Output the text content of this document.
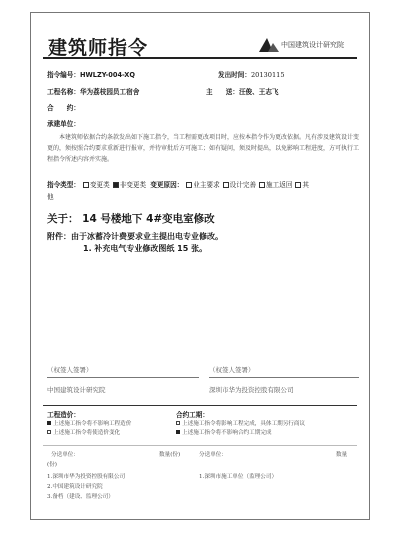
建筑师指令	中国建筑设计研究院
指令编号：HWLZY-004-XQ	发出时间：20130115
工程名称：华为荔枝园员工宿舍	主　　送：汪俊、王志飞
合　　约：
承建单位：
本建筑师依据合约条款发出如下施工指令，当工程需更改项目时，应按本指令作为更改依据。凡有涉及建筑设计变更的，须按照合约要求重新进行报审，并待审批后方可施工；如有疑问，须及时提出，以免影响工程进度，方可执行工程指令所述内容并实施。
指令类型： 变更类 非变更类 变更原因： 业主要求 设计完善 施工返回 其
他
关于： 14 号楼地下 4#变电室修改
附件：由于冰蓄冷计费要求业主提出电专业修改。
1. 补充电气专业修改图纸 15 张。
（权签人签署）
中国建筑设计研究院
（权签人签署）
深圳市华为投资控股有限公司
工程造价：
上述施工指令将不影响工程造价
上述施工指令将使造价变化
合约工期：
上述施工指令将影响工程完成，具体工期另行商议
上述施工指令将不影响合约工期完成
分送单位：	数量(份)	分送单位：	数量
(份)
1.深圳市华为投资控股有限公司
2.中国建筑设计研究院
3.备档（建设、监理公司）
1.深圳市施工单位（监理公司）
